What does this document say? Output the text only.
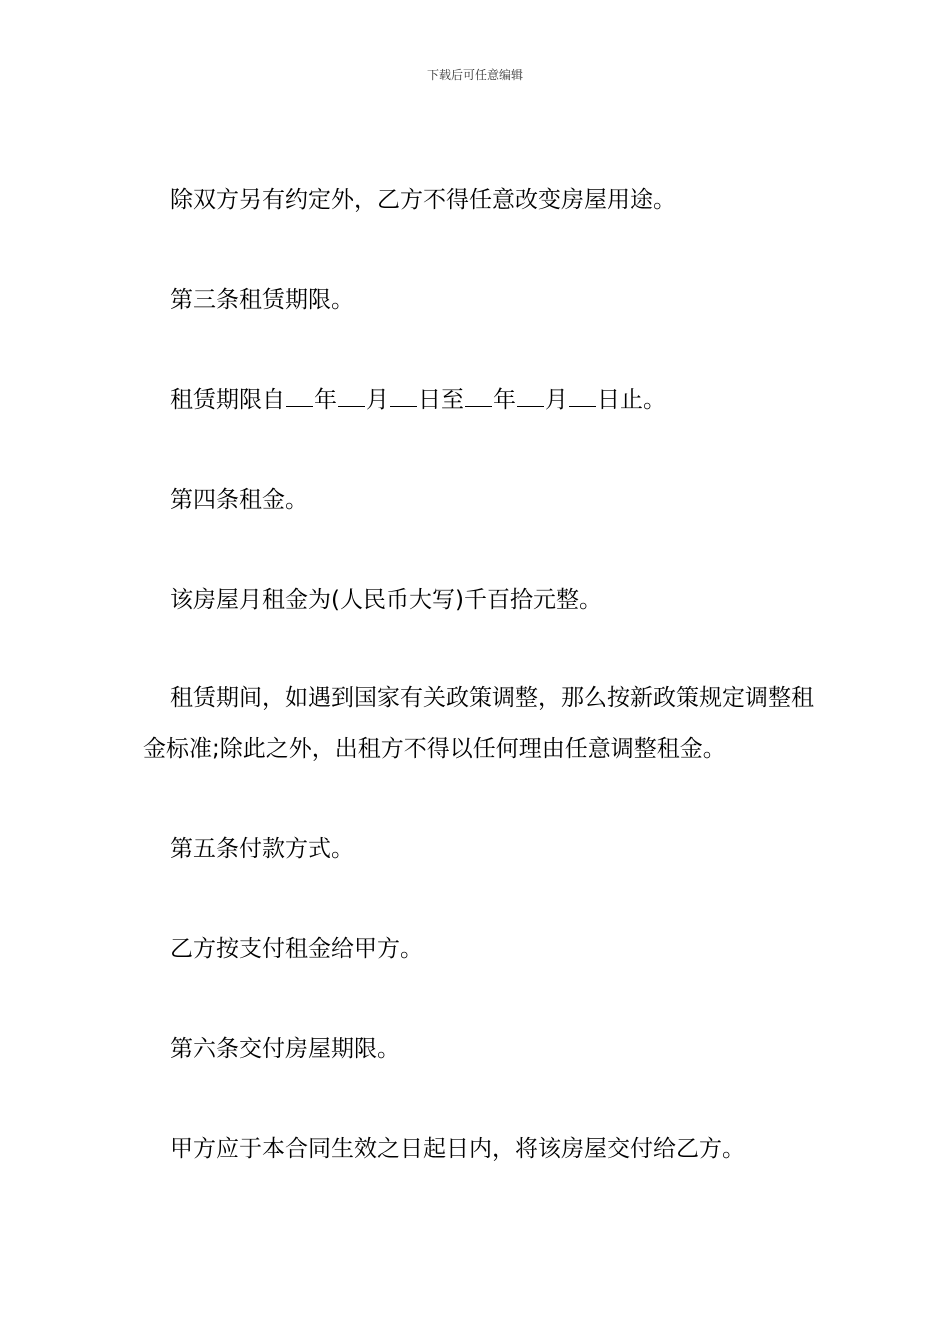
下载后可任意编辑
除双方另有约定外，乙方不得任意改变房屋用途。
第三条租赁期限。
租赁期限自 年 月 日至 年 月 日止。
第四条租金。
该房屋月租金为(人民币大写)千百拾元整。
租赁期间，如遇到国家有关政策调整，那么按新政策规定调整租金标准;除此之外，出租方不得以任何理由任意调整租金。
第五条付款方式。
乙方按支付租金给甲方。
第六条交付房屋期限。
甲方应于本合同生效之日起日内，将该房屋交付给乙方。
